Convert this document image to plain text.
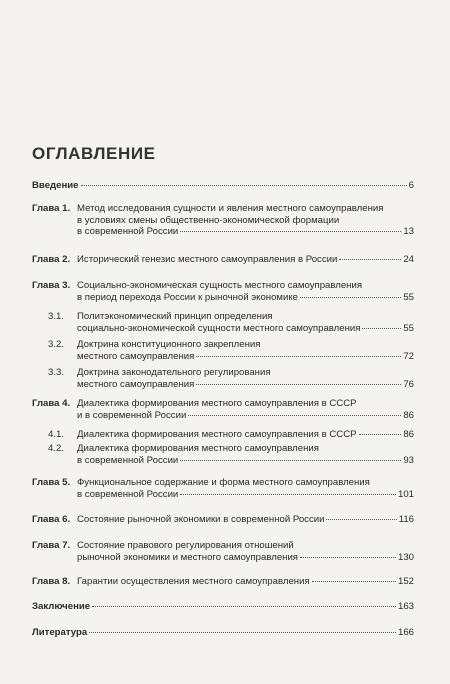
ОГЛАВЛЕНИЕ
Введение	6
Глава 1. Метод исследования сущности и явления местного самоуправления
в условиях смены общественно-экономической формации
в современной России	13
Глава 2. Исторический генезис местного самоуправления в России	24
Глава 3. Социально-экономическая сущность местного самоуправления
в период перехода России к рыночной экономике	55
3.1. Политэкономический принцип определения
социально-экономической сущности местного самоуправления	55
3.2. Доктрина конституционного закрепления
местного самоуправления	72
3.3. Доктрина законодательного регулирования
местного самоуправления	76
Глава 4. Диалектика формирования местного самоуправления в СССР
и в современной России	86
4.1. Диалектика формирования местного самоуправления в СССР	86
4.2. Диалектика формирования местного самоуправления
в современной России	93
Глава 5. Функциональное содержание и форма местного самоуправления
в современной России	101
Глава 6. Состояние рыночной экономики в современной России	116
Глава 7. Состояние правового регулирования отношений
рыночной экономики и местного самоуправления	130
Глава 8. Гарантии осуществления местного самоуправления	152
Заключение	163
Литература	166
